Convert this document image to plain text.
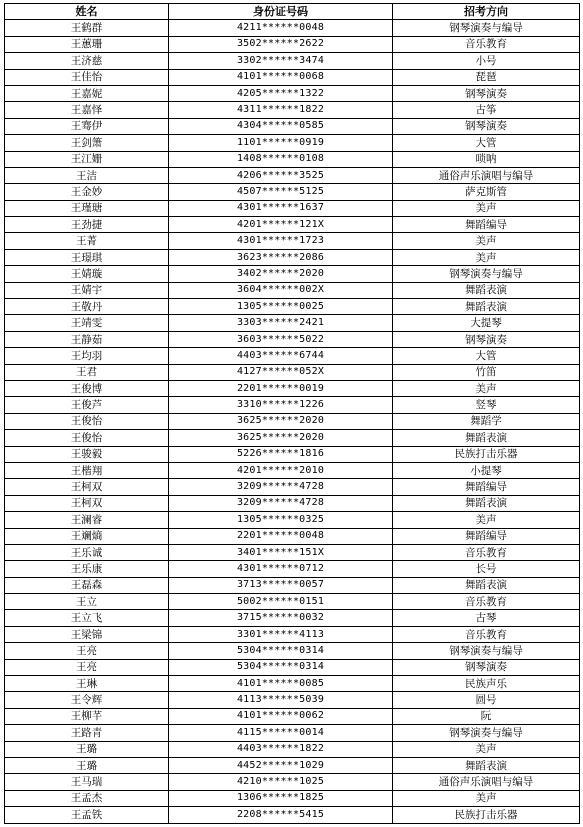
姓名	身份证号码	招考方向
王鹤群	4211******0048	钢琴演奏与编导
王蕙珊	3502******2622	音乐教育
王济慈	3302******3474	小号
王佳怡	4101******0068	琵琶
王嘉妮	4205******1322	钢琴演奏
王嘉怿	4311******1822	古筝
王骞伊	4304******0585	钢琴演奏
王剑箫	1101******0919	大管
王江姗	1408******0108	唢呐
王洁	4206******3525	通俗声乐演唱与编导
王金妙	4507******5125	萨克斯管
王瑾瑭	4301******1637	美声
王劲捷	4201******121X	舞蹈编导
王菁	4301******1723	美声
王璟琪	3623******2086	美声
王婧璇	3402******2020	钢琴演奏与编导
王婧宇	3604******002X	舞蹈表演
王敬丹	1305******0025	舞蹈表演
王靖雯	3303******2421	大提琴
王静茹	3603******5022	钢琴演奏
王均羽	4403******6744	大管
王君	4127******052X	竹笛
王俊博	2201******0019	美声
王俊芦	3310******1226	竖琴
王俊怡	3625******2020	舞蹈学
王俊怡	3625******2020	舞蹈表演
王骏毅	5226******1816	民族打击乐器
王楷翔	4201******2010	小提琴
王柯双	3209******4728	舞蹈编导
王柯双	3209******4728	舞蹈表演
王澜睿	1305******0325	美声
王斓熵	2201******0048	舞蹈编导
王乐诚	3401******151X	音乐教育
王乐康	4301******0712	长号
王磊森	3713******0057	舞蹈表演
王立	5002******0151	音乐教育
王立飞	3715******0032	古琴
王梁锦	3301******4113	音乐教育
王亮	5304******0314	钢琴演奏与编导
王亮	5304******0314	钢琴演奏
王琳	4101******0085	民族声乐
王令辉	4113******5039	圆号
王柳芊	4101******0062	阮
王路青	4115******0014	钢琴演奏与编导
王璐	4403******1822	美声
王璐	4452******1029	舞蹈表演
王马瑞	4210******1025	通俗声乐演唱与编导
王孟杰	1306******1825	美声
王孟铁	2208******5415	民族打击乐器
